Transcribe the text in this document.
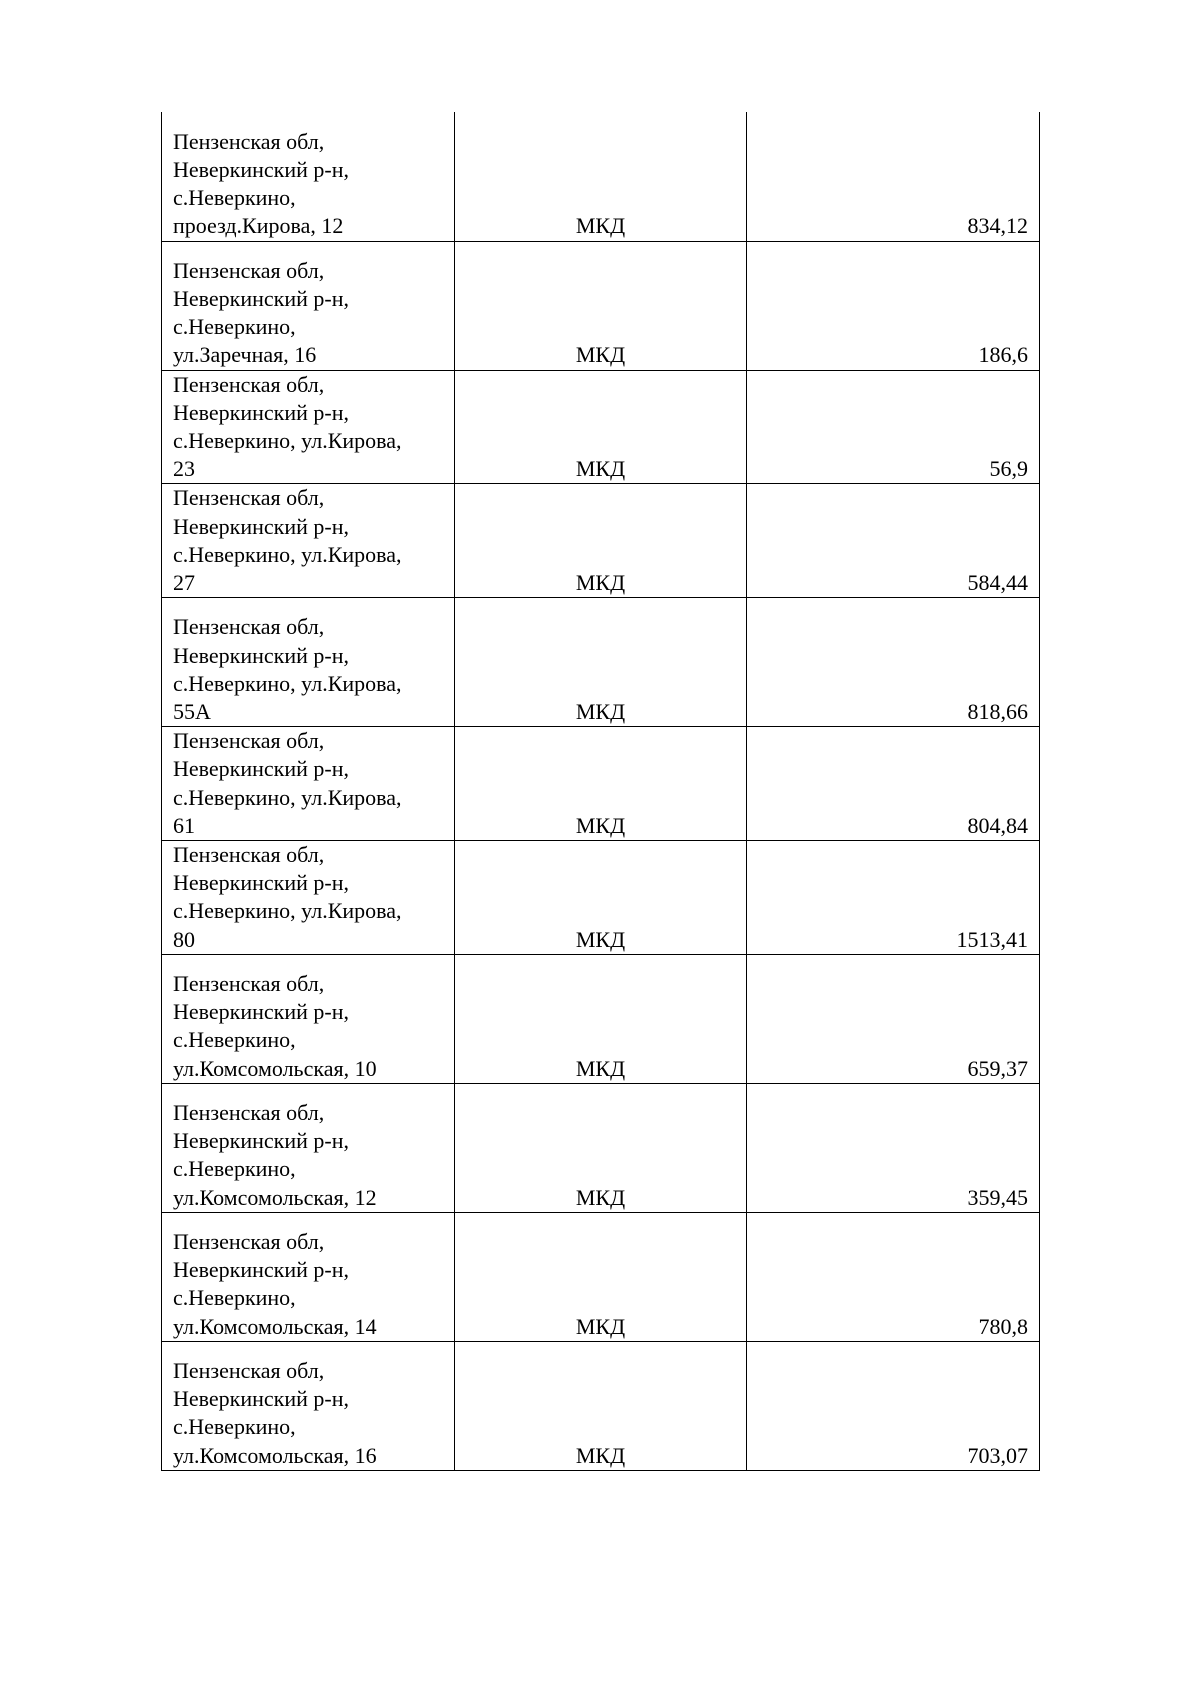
Пензенская обл,
Неверкинский р-н,
с.Неверкино,
проезд.Кирова, 12	МКД	834,12
Пензенская обл,
Неверкинский р-н,
с.Неверкино,
ул.Заречная, 16	МКД	186,6
Пензенская обл,
Неверкинский р-н,
с.Неверкино, ул.Кирова,
23	МКД	56,9
Пензенская обл,
Неверкинский р-н,
с.Неверкино, ул.Кирова,
27	МКД	584,44
Пензенская обл,
Неверкинский р-н,
с.Неверкино, ул.Кирова,
55А	МКД	818,66
Пензенская обл,
Неверкинский р-н,
с.Неверкино, ул.Кирова,
61	МКД	804,84
Пензенская обл,
Неверкинский р-н,
с.Неверкино, ул.Кирова,
80	МКД	1513,41
Пензенская обл,
Неверкинский р-н,
с.Неверкино,
ул.Комсомольская, 10	МКД	659,37
Пензенская обл,
Неверкинский р-н,
с.Неверкино,
ул.Комсомольская, 12	МКД	359,45
Пензенская обл,
Неверкинский р-н,
с.Неверкино,
ул.Комсомольская, 14	МКД	780,8
Пензенская обл,
Неверкинский р-н,
с.Неверкино,
ул.Комсомольская, 16	МКД	703,07
